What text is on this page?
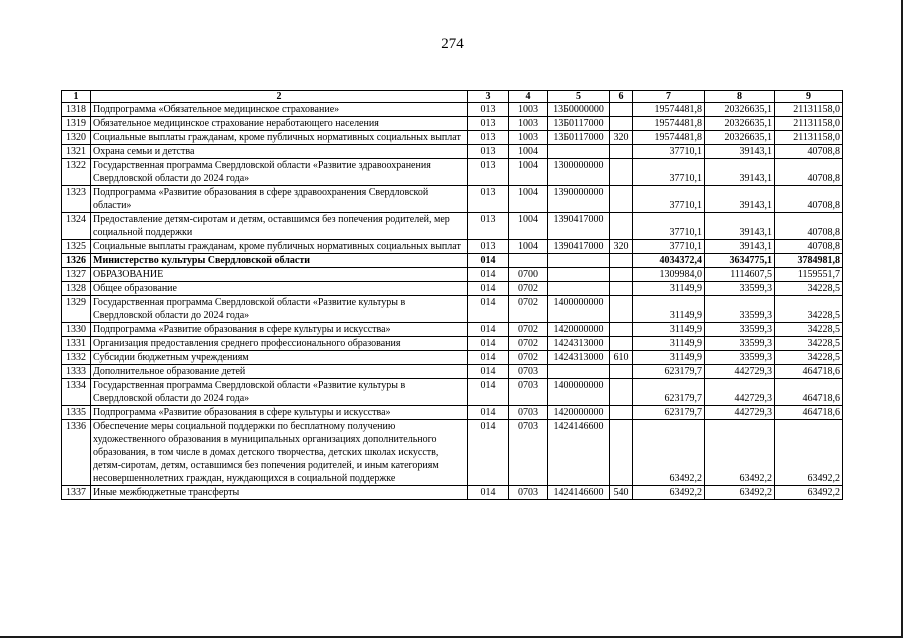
274
1	2	3	4	5	6	7	8	9
1318	Подпрограмма «Обязательное медицинское страхование»	013	1003	13Б0000000		19574481,8	20326635,1	21131158,0
1319	Обязательное медицинское страхование неработающего населения	013	1003	13Б0117000		19574481,8	20326635,1	21131158,0
1320	Социальные выплаты гражданам, кроме публичных нормативных социальных выплат	013	1003	13Б0117000	320	19574481,8	20326635,1	21131158,0
1321	Охрана семьи и детства	013	1004			37710,1	39143,1	40708,8
1322	Государственная программа Свердловской области «Развитие здравоохранения Свердловской области до 2024 года»	013	1004	1300000000		37710,1	39143,1	40708,8
1323	Подпрограмма «Развитие образования в сфере здравоохранения Свердловской области»	013	1004	1390000000		37710,1	39143,1	40708,8
1324	Предоставление детям-сиротам и детям, оставшимся без попечения родителей, мер социальной поддержки	013	1004	1390417000		37710,1	39143,1	40708,8
1325	Социальные выплаты гражданам, кроме публичных нормативных социальных выплат	013	1004	1390417000	320	37710,1	39143,1	40708,8
1326	Министерство культуры Свердловской области	014				4034372,4	3634775,1	3784981,8
1327	ОБРАЗОВАНИЕ	014	0700			1309984,0	1114607,5	1159551,7
1328	Общее образование	014	0702			31149,9	33599,3	34228,5
1329	Государственная программа Свердловской области «Развитие культуры в Свердловской области до 2024 года»	014	0702	1400000000		31149,9	33599,3	34228,5
1330	Подпрограмма «Развитие образования в сфере культуры и искусства»	014	0702	1420000000		31149,9	33599,3	34228,5
1331	Организация предоставления среднего профессионального образования	014	0702	1424313000		31149,9	33599,3	34228,5
1332	Субсидии бюджетным учреждениям	014	0702	1424313000	610	31149,9	33599,3	34228,5
1333	Дополнительное образование детей	014	0703			623179,7	442729,3	464718,6
1334	Государственная программа Свердловской области «Развитие культуры в Свердловской области до 2024 года»	014	0703	1400000000		623179,7	442729,3	464718,6
1335	Подпрограмма «Развитие образования в сфере культуры и искусства»	014	0703	1420000000		623179,7	442729,3	464718,6
1336	Обеспечение меры социальной поддержки по бесплатному получению художественного образования в муниципальных организациях дополнительного образования, в том числе в домах детского творчества, детских школах искусств, детям-сиротам, детям, оставшимся без попечения родителей, и иным категориям несовершеннолетних граждан, нуждающихся в социальной поддержке	014	0703	1424146600		63492,2	63492,2	63492,2
1337	Иные межбюджетные трансферты	014	0703	1424146600	540	63492,2	63492,2	63492,2
